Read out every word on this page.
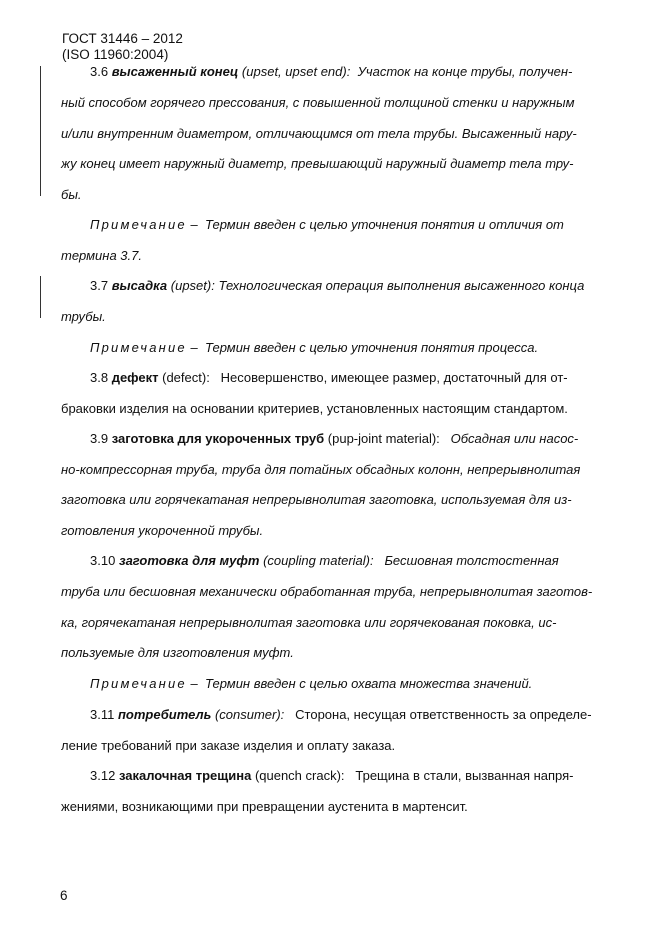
ГОСТ 31446 – 2012
(ISO 11960:2004)
3.6 высаженный конец (upset, upset end): Участок на конце трубы, получен-
ный способом горячего прессования, с повышенной толщиной стенки и наружным
и/или внутренним диаметром, отличающимся от тела трубы. Высаженный нару-
жу конец имеет наружный диаметр, превышающий наружный диаметр тела тру-
бы.
Примечание – Термин введен с целью уточнения понятия и отличия от
термина 3.7.
3.7 высадка (upset): Технологическая операция выполнения высаженного конца
трубы.
Примечание – Термин введен с целью уточнения понятия процесса.
3.8 дефект (defect): Несовершенство, имеющее размер, достаточный для от-
браковки изделия на основании критериев, установленных настоящим стандартом.
3.9 заготовка для укороченных труб (pup-joint material): Обсадная или насос-
но-компрессорная труба, труба для потайных обсадных колонн, непрерывнолитая
заготовка или горячекатаная непрерывнолитая заготовка, используемая для из-
готовления укороченной трубы.
3.10 заготовка для муфт (coupling material): Бесшовная толстостенная
труба или бесшовная механически обработанная труба, непрерывнолитая заготов-
ка, горячекатаная непрерывнолитая заготовка или горячекованая поковка, ис-
пользуемые для изготовления муфт.
Примечание – Термин введен с целью охвата множества значений.
3.11 потребитель (consumer): Сторона, несущая ответственность за определе-
ление требований при заказе изделия и оплату заказа.
3.12 закалочная трещина (quench crack): Трещина в стали, вызванная напря-
жениями, возникающими при превращении аустенита в мартенсит.
6
